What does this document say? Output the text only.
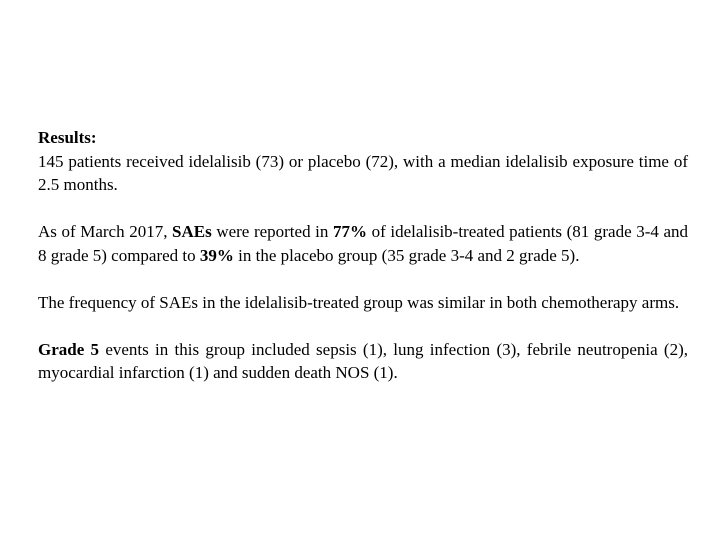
Results:

145 patients received idelalisib (73) or placebo (72), with a median idelalisib exposure time of 2.5 months.

As of March 2017, SAEs were reported in 77% of idelalisib-treated patients (81 grade 3-4 and 8 grade 5) compared to 39% in the placebo group (35 grade 3-4 and 2 grade 5).

The frequency of SAEs in the idelalisib-treated group was similar in both chemotherapy arms.

Grade 5 events in this group included sepsis (1), lung infection (3), febrile neutropenia (2), myocardial infarction (1) and sudden death NOS (1).
